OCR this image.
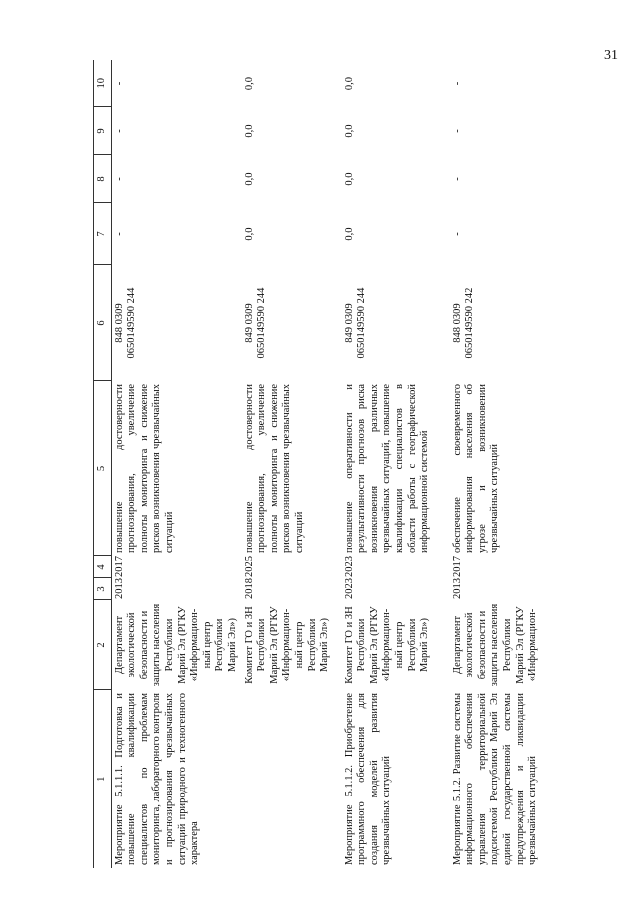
31
1	2	3	4	5	6	7	8	9	10
Мероприятие 5.1.1.1. Подготовка и повышение квалификации специалистов по проблемам мониторинга, лабораторного контроля и прогнозирования чрезвычайных ситуаций природного и техногенного характера	Департамент экологической безопасности и защиты населения Республики Марий Эл (РГКУ «Информацион-ный центр Республики Марий Эл»)	2013	2017	повышение достоверности прогнозирования, увеличение полноты мониторинга и снижение рисков возникновения чрезвычайных ситуаций	848 0309
0650149590 244	-	-	-	-
	Комитет ГО и ЗН Республики Марий Эл (РГКУ «Информацион-ный центр Республики Марий Эл»)	2018	2025	повышение достоверности прогнозирования, увеличение полноты мониторинга и снижение рисков возникновения чрезвычайных ситуаций	849 0309
0650149590 244	0,0	0,0	0,0	0,0
Мероприятие 5.1.1.2. Приобретение программного обеспечения для создания моделей развития чрезвычайных ситуаций	Комитет ГО и ЗН Республики Марий Эл (РГКУ «Информацион-ный центр Республики Марий Эл»)	2023	2023	повышение оперативности и результативности прогнозов риска возникновения различных чрезвычайных ситуаций, повышение квалификации специалистов в области работы с географической информационной системой	849 0309
0650149590 244	0,0	0,0	0,0	0,0
Мероприятие 5.1.2. Развитие системы информационного обеспечения управления территориальной подсистемой Республики Марий Эл единой государственной системы предупреждения и ликвидации чрезвычайных ситуаций	Департамент экологической безопасности и защиты населения Республики Марий Эл (РГКУ «Информацион-	2013	2017	обеспечение своевременного информирования населения об угрозе и возникновении чрезвычайных ситуаций	848 0309
0650149590 242	-	-	-	-
